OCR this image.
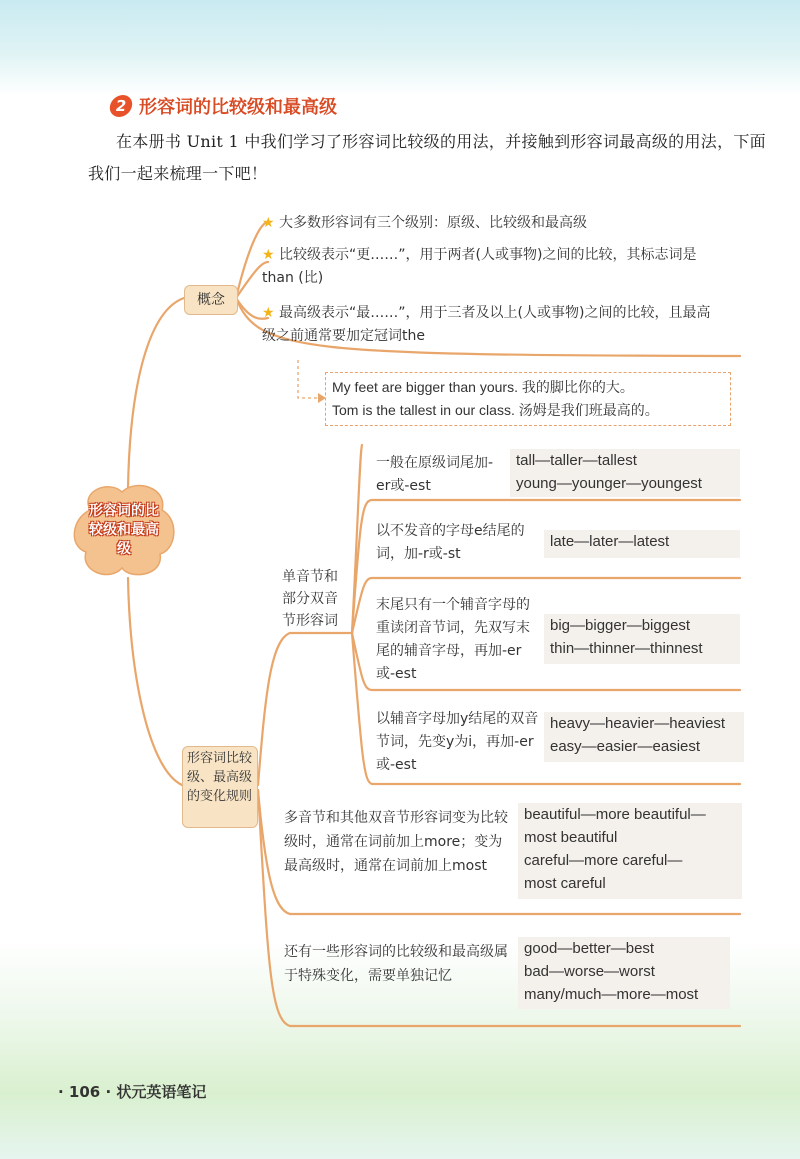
2 形容词的比较级和最高级
在本册书 Unit 1 中我们学习了形容词比较级的用法，并接触到形容词最高级的用法，下面我们一起来梳理一下吧！
形容词的比较级和最高级
概念
★ 大多数形容词有三个级别：原级、比较级和最高级
★ 比较级表示“更……”，用于两者(人或事物)之间的比较，其标志词是than (比)
★ 最高级表示“最……”，用于三者及以上(人或事物)之间的比较，且最高级之前通常要加定冠词the
My feet are bigger than yours. 我的脚比你的大。
Tom is the tallest in our class. 汤姆是我们班最高的。
形容词比较级、最高级的变化规则
单音节和部分双音节形容词
一般在原级词尾加-er或-est
tall—taller—tallest
young—younger—youngest
以不发音的字母e结尾的词，加-r或-st
late—later—latest
末尾只有一个辅音字母的重读闭音节词，先双写末尾的辅音字母，再加-er或-est
big—bigger—biggest
thin—thinner—thinnest
以辅音字母加y结尾的双音节词，先变y为i，再加-er或-est
heavy—heavier—heaviest
easy—easier—easiest
多音节和其他双音节形容词变为比较级时，通常在词前加上more；变为最高级时，通常在词前加上most
beautiful—more beautiful—
most beautiful
careful—more careful—
most careful
还有一些形容词的比较级和最高级属于特殊变化，需要单独记忆
good—better—best
bad—worse—worst
many/much—more—most
· 106 · 状元英语笔记
